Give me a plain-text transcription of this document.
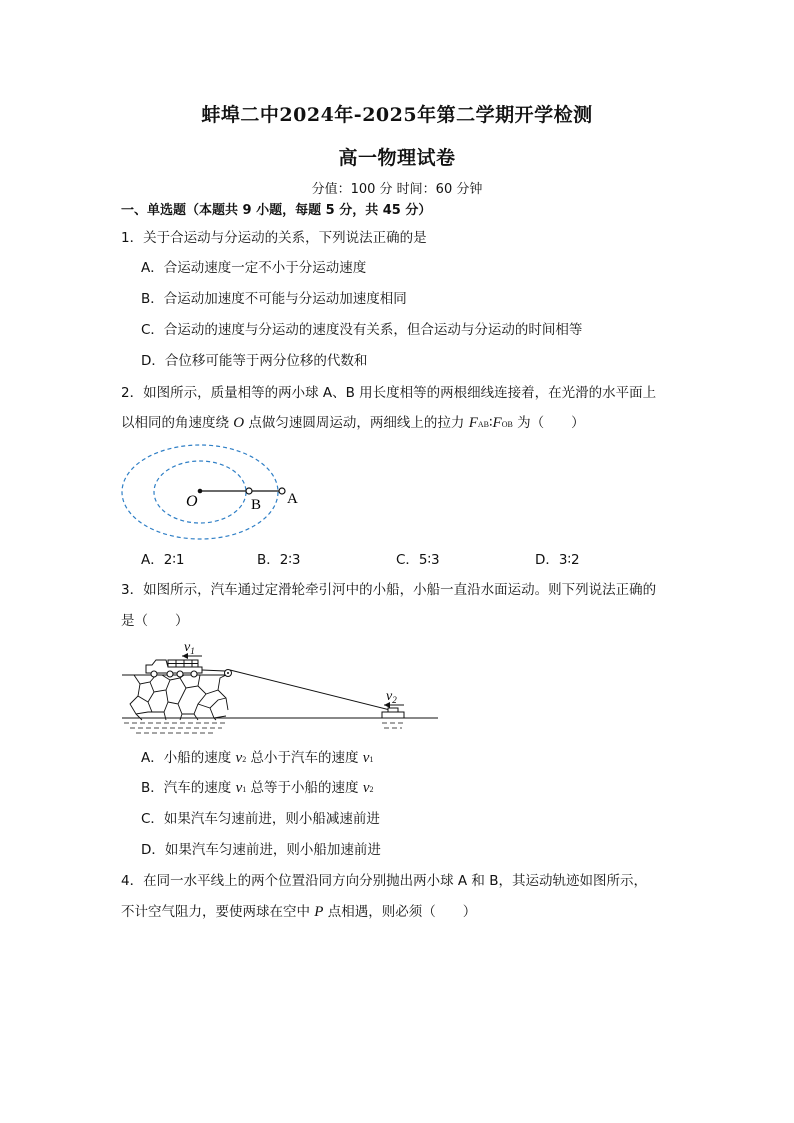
蚌埠二中2024年-2025年第二学期开学检测
高一物理试卷
分值：100 分 时间：60 分钟
一、单选题（本题共 9 小题，每题 5 分，共 45 分）
1．关于合运动与分运动的关系，下列说法正确的是
A．合运动速度一定不小于分运动速度
B．合运动加速度不可能与分运动加速度相同
C．合运动的速度与分运动的速度没有关系，但合运动与分运动的时间相等
D．合位移可能等于两分位移的代数和
2．如图所示，质量相等的两小球 A、B 用长度相等的两根细线连接着，在光滑的水平面上
以相同的角速度绕 O 点做匀速圆周运动，两细线上的拉力 FAB∶FOB 为（　　）
O	B A
A．2∶1	B．2∶3	C．5∶3	D．3∶2
3．如图所示，汽车通过定滑轮牵引河中的小船，小船一直沿水面运动。则下列说法正确的
是（　　）
$v_1$
$v_2$
A．小船的速度 v2 总小于汽车的速度 v1
B．汽车的速度 v1 总等于小船的速度 v2
C．如果汽车匀速前进，则小船减速前进
D．如果汽车匀速前进，则小船加速前进
4．在同一水平线上的两个位置沿同方向分别抛出两小球 A 和 B，其运动轨迹如图所示，
不计空气阻力，要使两球在空中 P 点相遇，则必须（　　）
